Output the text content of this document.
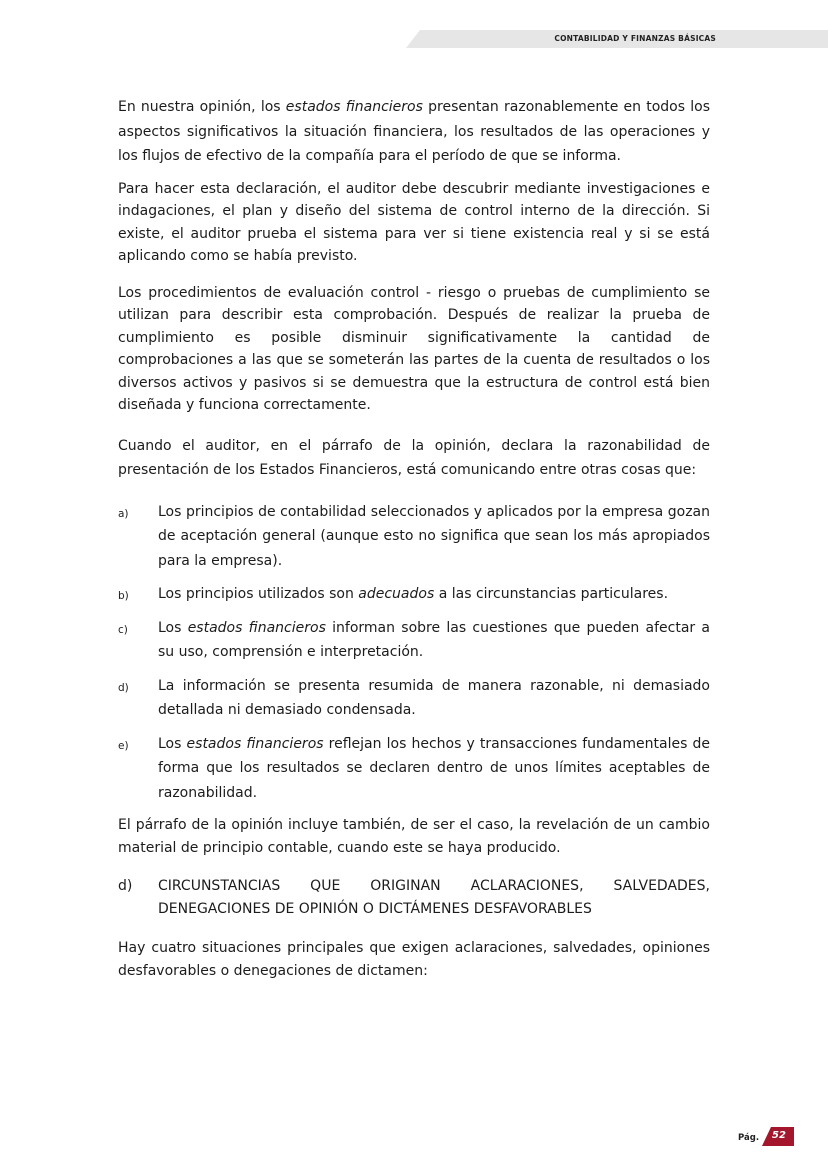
CONTABILIDAD Y FINANZAS BÁSICAS

En nuestra opinión, los estados financieros presentan razonablemente en todos los aspectos significativos la situación financiera, los resultados de las operaciones y los flujos de efectivo de la compañía para el período de que se informa.

Para hacer esta declaración, el auditor debe descubrir mediante investigaciones e indagaciones, el plan y diseño del sistema de control interno de la dirección. Si existe, el auditor prueba el sistema para ver si tiene existencia real y si se está aplicando como se había previsto.

Los procedimientos de evaluación control - riesgo o pruebas de cumplimiento se utilizan para describir esta comprobación. Después de realizar la prueba de cumplimiento es posible disminuir significativamente la cantidad de comprobaciones a las que se someterán las partes de la cuenta de resultados o los diversos activos y pasivos si se demuestra que la estructura de control está bien diseñada y funciona correctamente.

Cuando el auditor, en el párrafo de la opinión, declara la razonabilidad de presentación de los Estados Financieros, está comunicando entre otras cosas que:

a) Los principios de contabilidad seleccionados y aplicados por la empresa gozan de aceptación general (aunque esto no significa que sean los más apropiados para la empresa).

b) Los principios utilizados son adecuados a las circunstancias particulares.

c) Los estados financieros informan sobre las cuestiones que pueden afectar a su uso, comprensión e interpretación.

d) La información se presenta resumida de manera razonable, ni demasiado detallada ni demasiado condensada.

e) Los estados financieros reflejan los hechos y transacciones fundamentales de forma que los resultados se declaren dentro de unos límites aceptables de razonabilidad.

El párrafo de la opinión incluye también, de ser el caso, la revelación de un cambio material de principio contable, cuando este se haya producido.

d) CIRCUNSTANCIAS QUE ORIGINAN ACLARACIONES, SALVEDADES, DENEGACIONES DE OPINIÓN O DICTÁMENES DESFAVORABLES

Hay cuatro situaciones principales que exigen aclaraciones, salvedades, opiniones desfavorables o denegaciones de dictamen:

Pág. 52
